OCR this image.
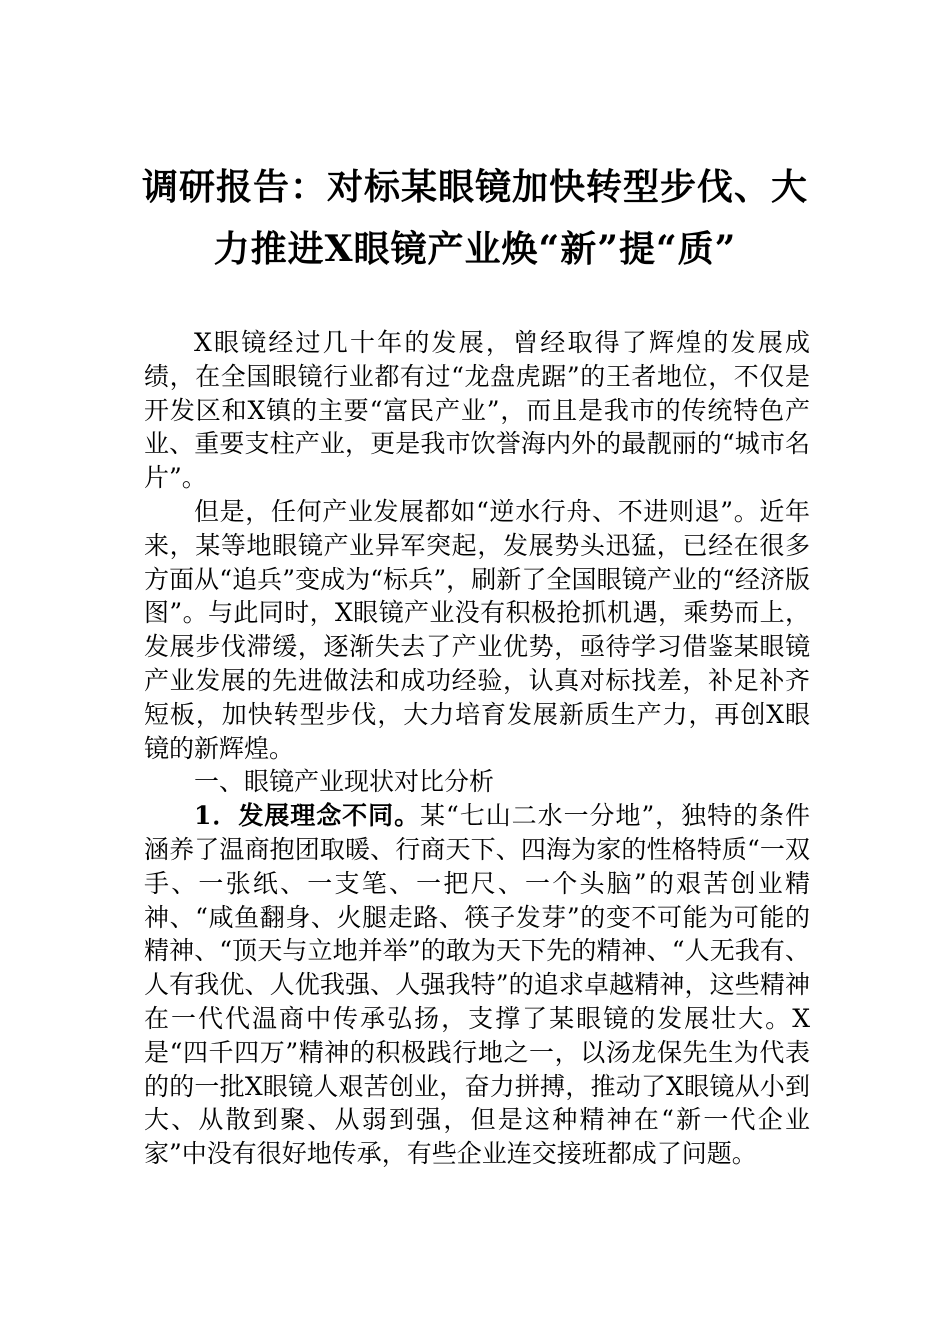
调研报告：对标某眼镜加快转型步伐、大
力推进X眼镜产业焕“新”提“质”

X眼镜经过几十年的发展，曾经取得了辉煌的发展成绩，在全国眼镜行业都有过“龙盘虎踞”的王者地位，不仅是开发区和X镇的主要“富民产业”，而且是我市的传统特色产业、重要支柱产业，更是我市饮誉海内外的最靓丽的“城市名片”。

但是，任何产业发展都如“逆水行舟、不进则退”。近年来，某等地眼镜产业异军突起，发展势头迅猛，已经在很多方面从“追兵”变成为“标兵”，刷新了全国眼镜产业的“经济版图”。与此同时，X眼镜产业没有积极抢抓机遇，乘势而上，发展步伐滞缓，逐渐失去了产业优势，亟待学习借鉴某眼镜产业发展的先进做法和成功经验，认真对标找差，补足补齐短板，加快转型步伐，大力培育发展新质生产力，再创X眼镜的新辉煌。

一、眼镜产业现状对比分析

1．发展理念不同。某“七山二水一分地”，独特的条件涵养了温商抱团取暖、行商天下、四海为家的性格特质“一双手、一张纸、一支笔、一把尺、一个头脑”的艰苦创业精神、“咸鱼翻身、火腿走路、筷子发芽”的变不可能为可能的精神、“顶天与立地并举”的敢为天下先的精神、“人无我有、人有我优、人优我强、人强我特”的追求卓越精神，这些精神在一代代温商中传承弘扬，支撑了某眼镜的发展壮大。X是“四千四万”精神的积极践行地之一，以汤龙保先生为代表的的一批X眼镜人艰苦创业，奋力拼搏，推动了X眼镜从小到大、从散到聚、从弱到强，但是这种精神在“新一代企业家”中没有很好地传承，有些企业连交接班都成了问题。
